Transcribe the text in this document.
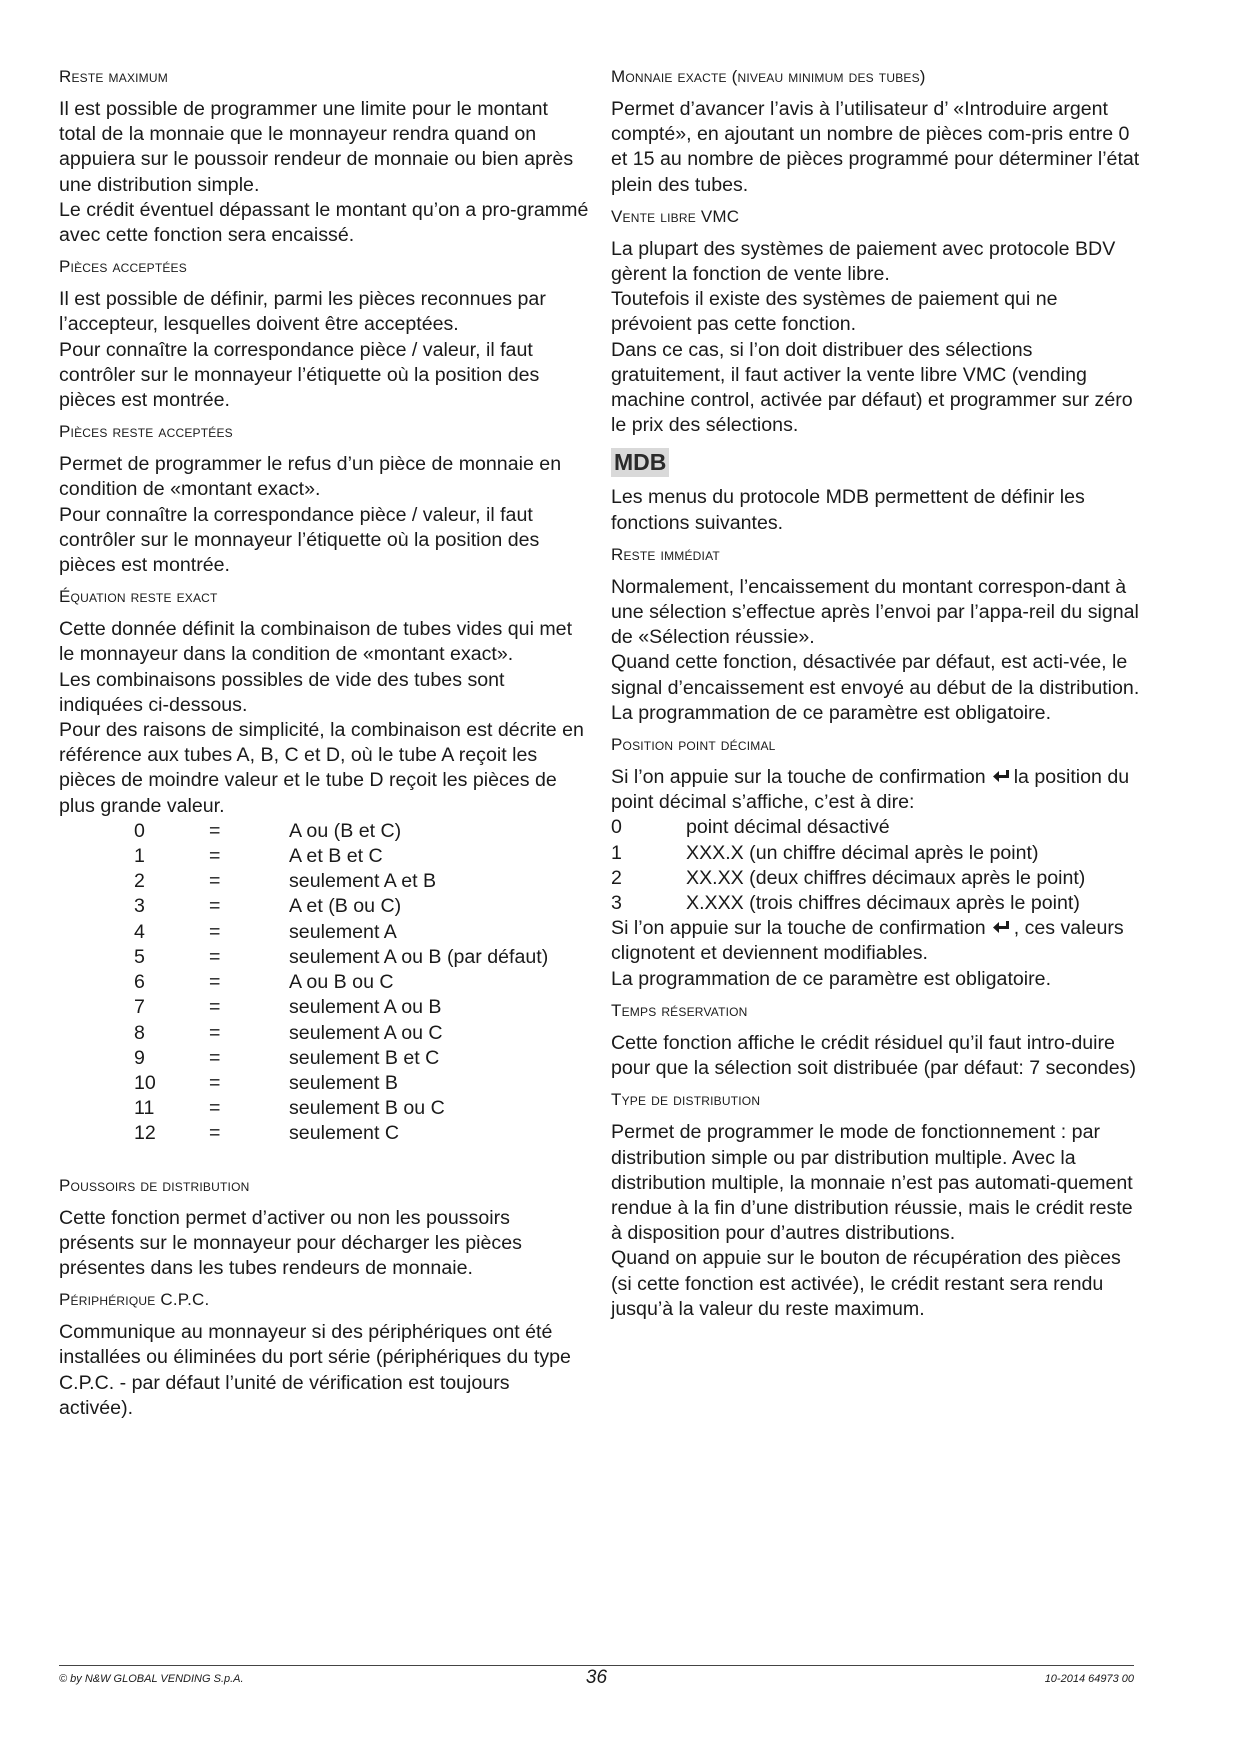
Reste maximum

Il est possible de programmer une limite pour le montant total de la monnaie que le monnayeur rendra quand on appuiera sur le poussoir rendeur de monnaie ou bien après une distribution simple.

Le crédit éventuel dépassant le montant qu’on a pro-grammé avec cette fonction sera encaissé.

Pièces acceptées

Il est possible de définir, parmi les pièces reconnues par l’accepteur, lesquelles doivent être acceptées.

Pour connaître la correspondance pièce / valeur, il faut contrôler sur le monnayeur l’étiquette où la position des pièces est montrée.

Pièces reste acceptées

Permet de programmer le refus d’un pièce de monnaie en condition de «montant exact».

Pour connaître la correspondance pièce / valeur, il faut contrôler sur le monnayeur l’étiquette où la position des pièces est montrée.

Équation reste exact

Cette donnée définit la combinaison de tubes vides qui met le monnayeur dans la condition de «montant exact».

Les combinaisons possibles de vide des tubes sont indiquées ci-dessous.

Pour des raisons de simplicité, la combinaison est décrite en référence aux tubes A, B, C et D, où le tube A reçoit les pièces de moindre valeur et le tube D reçoit les pièces de plus grande valeur.

0	=	A ou (B et C)
1	=	A et B et C
2	=	seulement A et B
3	=	A et (B ou C)
4	=	seulement A
5	=	seulement A ou B (par défaut)
6	=	A ou B ou C
7	=	seulement A ou B
8	=	seulement A ou C
9	=	seulement B et C
10	=	seulement B
11	=	seulement B ou C
12	=	seulement C
Poussoirs de distribution

Cette fonction permet d’activer ou non les poussoirs présents sur le monnayeur pour décharger les pièces présentes dans les tubes rendeurs de monnaie.

Périphérique C.P.C.

Communique au monnayeur si des périphériques ont été installées ou éliminées du port série (périphériques du type C.P.C. - par défaut l’unité de vérification est toujours activée).

Monnaie exacte (niveau minimum des tubes)

Permet d’avancer l’avis à l’utilisateur d’ «Introduire argent compté», en ajoutant un nombre de pièces com-pris entre 0 et 15 au nombre de pièces programmé pour déterminer l’état plein des tubes.

Vente libre VMC

La plupart des systèmes de paiement avec protocole BDV gèrent la fonction de vente libre.

Toutefois il existe des systèmes de paiement qui ne prévoient pas cette fonction.

Dans ce cas, si l’on doit distribuer des sélections gratuitement, il faut activer la vente libre VMC (vending machine control, activée par défaut) et programmer sur zéro le prix des sélections.

MDB

Les menus du protocole MDB permettent de définir les fonctions suivantes.

Reste immédiat

Normalement, l’encaissement du montant correspon-dant à une sélection s’effectue après l’envoi par l’appa-reil du signal de «Sélection réussie».

Quand cette fonction, désactivée par défaut, est acti-vée, le signal d’encaissement est envoyé au début de la distribution.

La programmation de ce paramètre est obligatoire.

Position point décimal

Si l’on appuie sur la touche de confirmation la position du point décimal s’affiche, c’est à dire:

0	point décimal désactivé
1	XXX.X (un chiffre décimal après le point)
2	XX.XX (deux chiffres décimaux après le point)
3	X.XXX (trois chiffres décimaux après le point)

Si l’on appuie sur la touche de confirmation , ces valeurs clignotent et deviennent modifiables.

La programmation de ce paramètre est obligatoire.

Temps réservation

Cette fonction affiche le crédit résiduel qu’il faut intro-duire pour que la sélection soit distribuée (par défaut: 7 secondes)

Type de distribution

Permet de programmer le mode de fonctionnement : par distribution simple ou par distribution multiple. Avec la distribution multiple, la monnaie n’est pas automati-quement rendue à la fin d’une distribution réussie, mais le crédit reste à disposition pour d’autres distributions.

Quand on appuie sur le bouton de récupération des pièces (si cette fonction est activée), le crédit restant sera rendu jusqu’à la valeur du reste maximum.

© by N&W GLOBAL VENDING S.p.A.	36	10-2014 64973 00
